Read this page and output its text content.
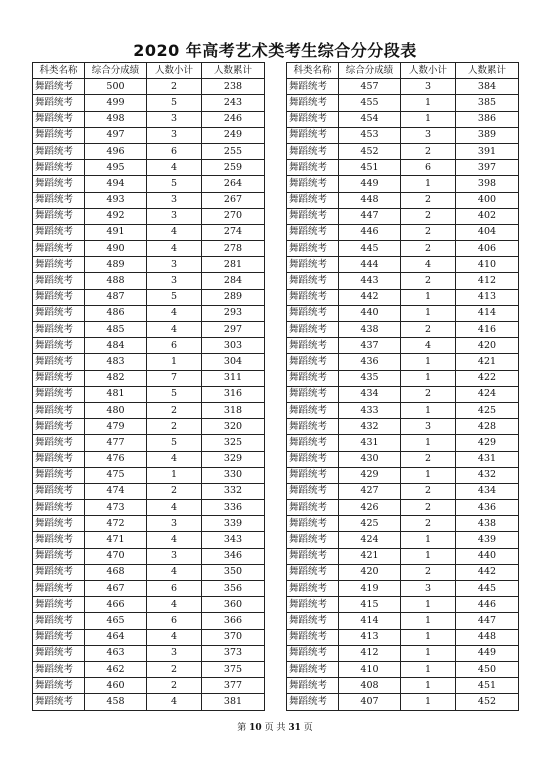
2020 年高考艺术类考生综合分分段表
科类名称	综合分成绩	人数小计	人数累计
舞蹈统考	500	2	238
舞蹈统考	499	5	243
舞蹈统考	498	3	246
舞蹈统考	497	3	249
舞蹈统考	496	6	255
舞蹈统考	495	4	259
舞蹈统考	494	5	264
舞蹈统考	493	3	267
舞蹈统考	492	3	270
舞蹈统考	491	4	274
舞蹈统考	490	4	278
舞蹈统考	489	3	281
舞蹈统考	488	3	284
舞蹈统考	487	5	289
舞蹈统考	486	4	293
舞蹈统考	485	4	297
舞蹈统考	484	6	303
舞蹈统考	483	1	304
舞蹈统考	482	7	311
舞蹈统考	481	5	316
舞蹈统考	480	2	318
舞蹈统考	479	2	320
舞蹈统考	477	5	325
舞蹈统考	476	4	329
舞蹈统考	475	1	330
舞蹈统考	474	2	332
舞蹈统考	473	4	336
舞蹈统考	472	3	339
舞蹈统考	471	4	343
舞蹈统考	470	3	346
舞蹈统考	468	4	350
舞蹈统考	467	6	356
舞蹈统考	466	4	360
舞蹈统考	465	6	366
舞蹈统考	464	4	370
舞蹈统考	463	3	373
舞蹈统考	462	2	375
舞蹈统考	460	2	377
舞蹈统考	458	4	381
科类名称	综合分成绩	人数小计	人数累计
舞蹈统考	457	3	384
舞蹈统考	455	1	385
舞蹈统考	454	1	386
舞蹈统考	453	3	389
舞蹈统考	452	2	391
舞蹈统考	451	6	397
舞蹈统考	449	1	398
舞蹈统考	448	2	400
舞蹈统考	447	2	402
舞蹈统考	446	2	404
舞蹈统考	445	2	406
舞蹈统考	444	4	410
舞蹈统考	443	2	412
舞蹈统考	442	1	413
舞蹈统考	440	1	414
舞蹈统考	438	2	416
舞蹈统考	437	4	420
舞蹈统考	436	1	421
舞蹈统考	435	1	422
舞蹈统考	434	2	424
舞蹈统考	433	1	425
舞蹈统考	432	3	428
舞蹈统考	431	1	429
舞蹈统考	430	2	431
舞蹈统考	429	1	432
舞蹈统考	427	2	434
舞蹈统考	426	2	436
舞蹈统考	425	2	438
舞蹈统考	424	1	439
舞蹈统考	421	1	440
舞蹈统考	420	2	442
舞蹈统考	419	3	445
舞蹈统考	415	1	446
舞蹈统考	414	1	447
舞蹈统考	413	1	448
舞蹈统考	412	1	449
舞蹈统考	410	1	450
舞蹈统考	408	1	451
舞蹈统考	407	1	452
第 10 页 共 31 页
